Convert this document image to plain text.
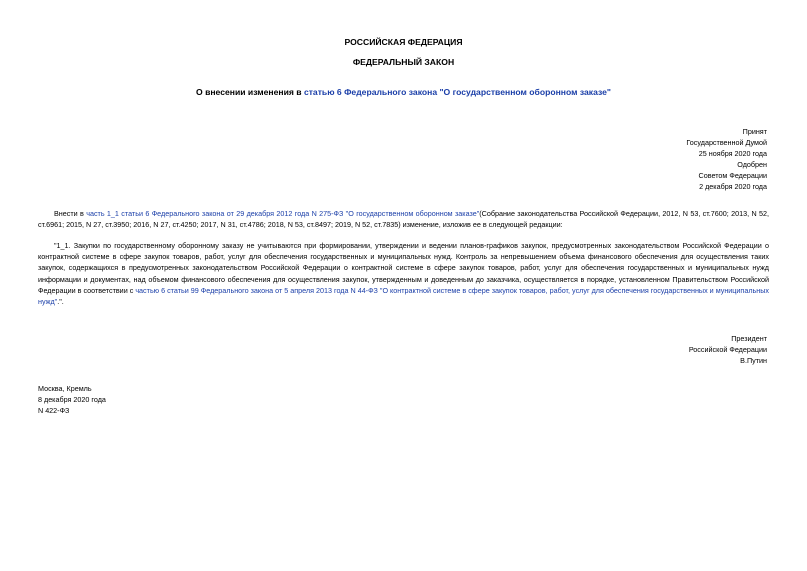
РОССИЙСКАЯ ФЕДЕРАЦИЯ
ФЕДЕРАЛЬНЫЙ ЗАКОН
О внесении изменения в статью 6 Федерального закона "О государственном оборонном заказе"
Принят
Государственной Думой
25 ноября 2020 года
Одобрен
Советом Федерации
2 декабря 2020 года
Внести в часть 1_1 статьи 6 Федерального закона от 29 декабря 2012 года N 275-ФЗ "О государственном оборонном заказе"(Собрание законодательства Российской Федерации, 2012, N 53, ст.7600; 2013, N 52, ст.6961; 2015, N 27, ст.3950; 2016, N 27, ст.4250; 2017, N 31, ст.4786; 2018, N 53, ст.8497; 2019, N 52, ст.7835) изменение, изложив ее в следующей редакции:
"1_1. Закупки по государственному оборонному заказу не учитываются при формировании, утверждении и ведении планов-графиков закупок, предусмотренных законодательством Российской Федерации о контрактной системе в сфере закупок товаров, работ, услуг для обеспечения государственных и муниципальных нужд. Контроль за непревышением объема финансового обеспечения для осуществления таких закупок, содержащихся в предусмотренных законодательством Российской Федерации о контрактной системе в сфере закупок товаров, работ, услуг для обеспечения государственных и муниципальных нужд информации и документах, над объемом финансового обеспечения для осуществления закупок, утвержденным и доведенным до заказчика, осуществляется в порядке, установленном Правительством Российской Федерации в соответствии с частью 6 статьи 99 Федерального закона от 5 апреля 2013 года N 44-ФЗ "О контрактной системе в сфере закупок товаров, работ, услуг для обеспечения государственных и муниципальных нужд".".
Президент
Российской Федерации
В.Путин
Москва, Кремль
8 декабря 2020 года
N 422-ФЗ
